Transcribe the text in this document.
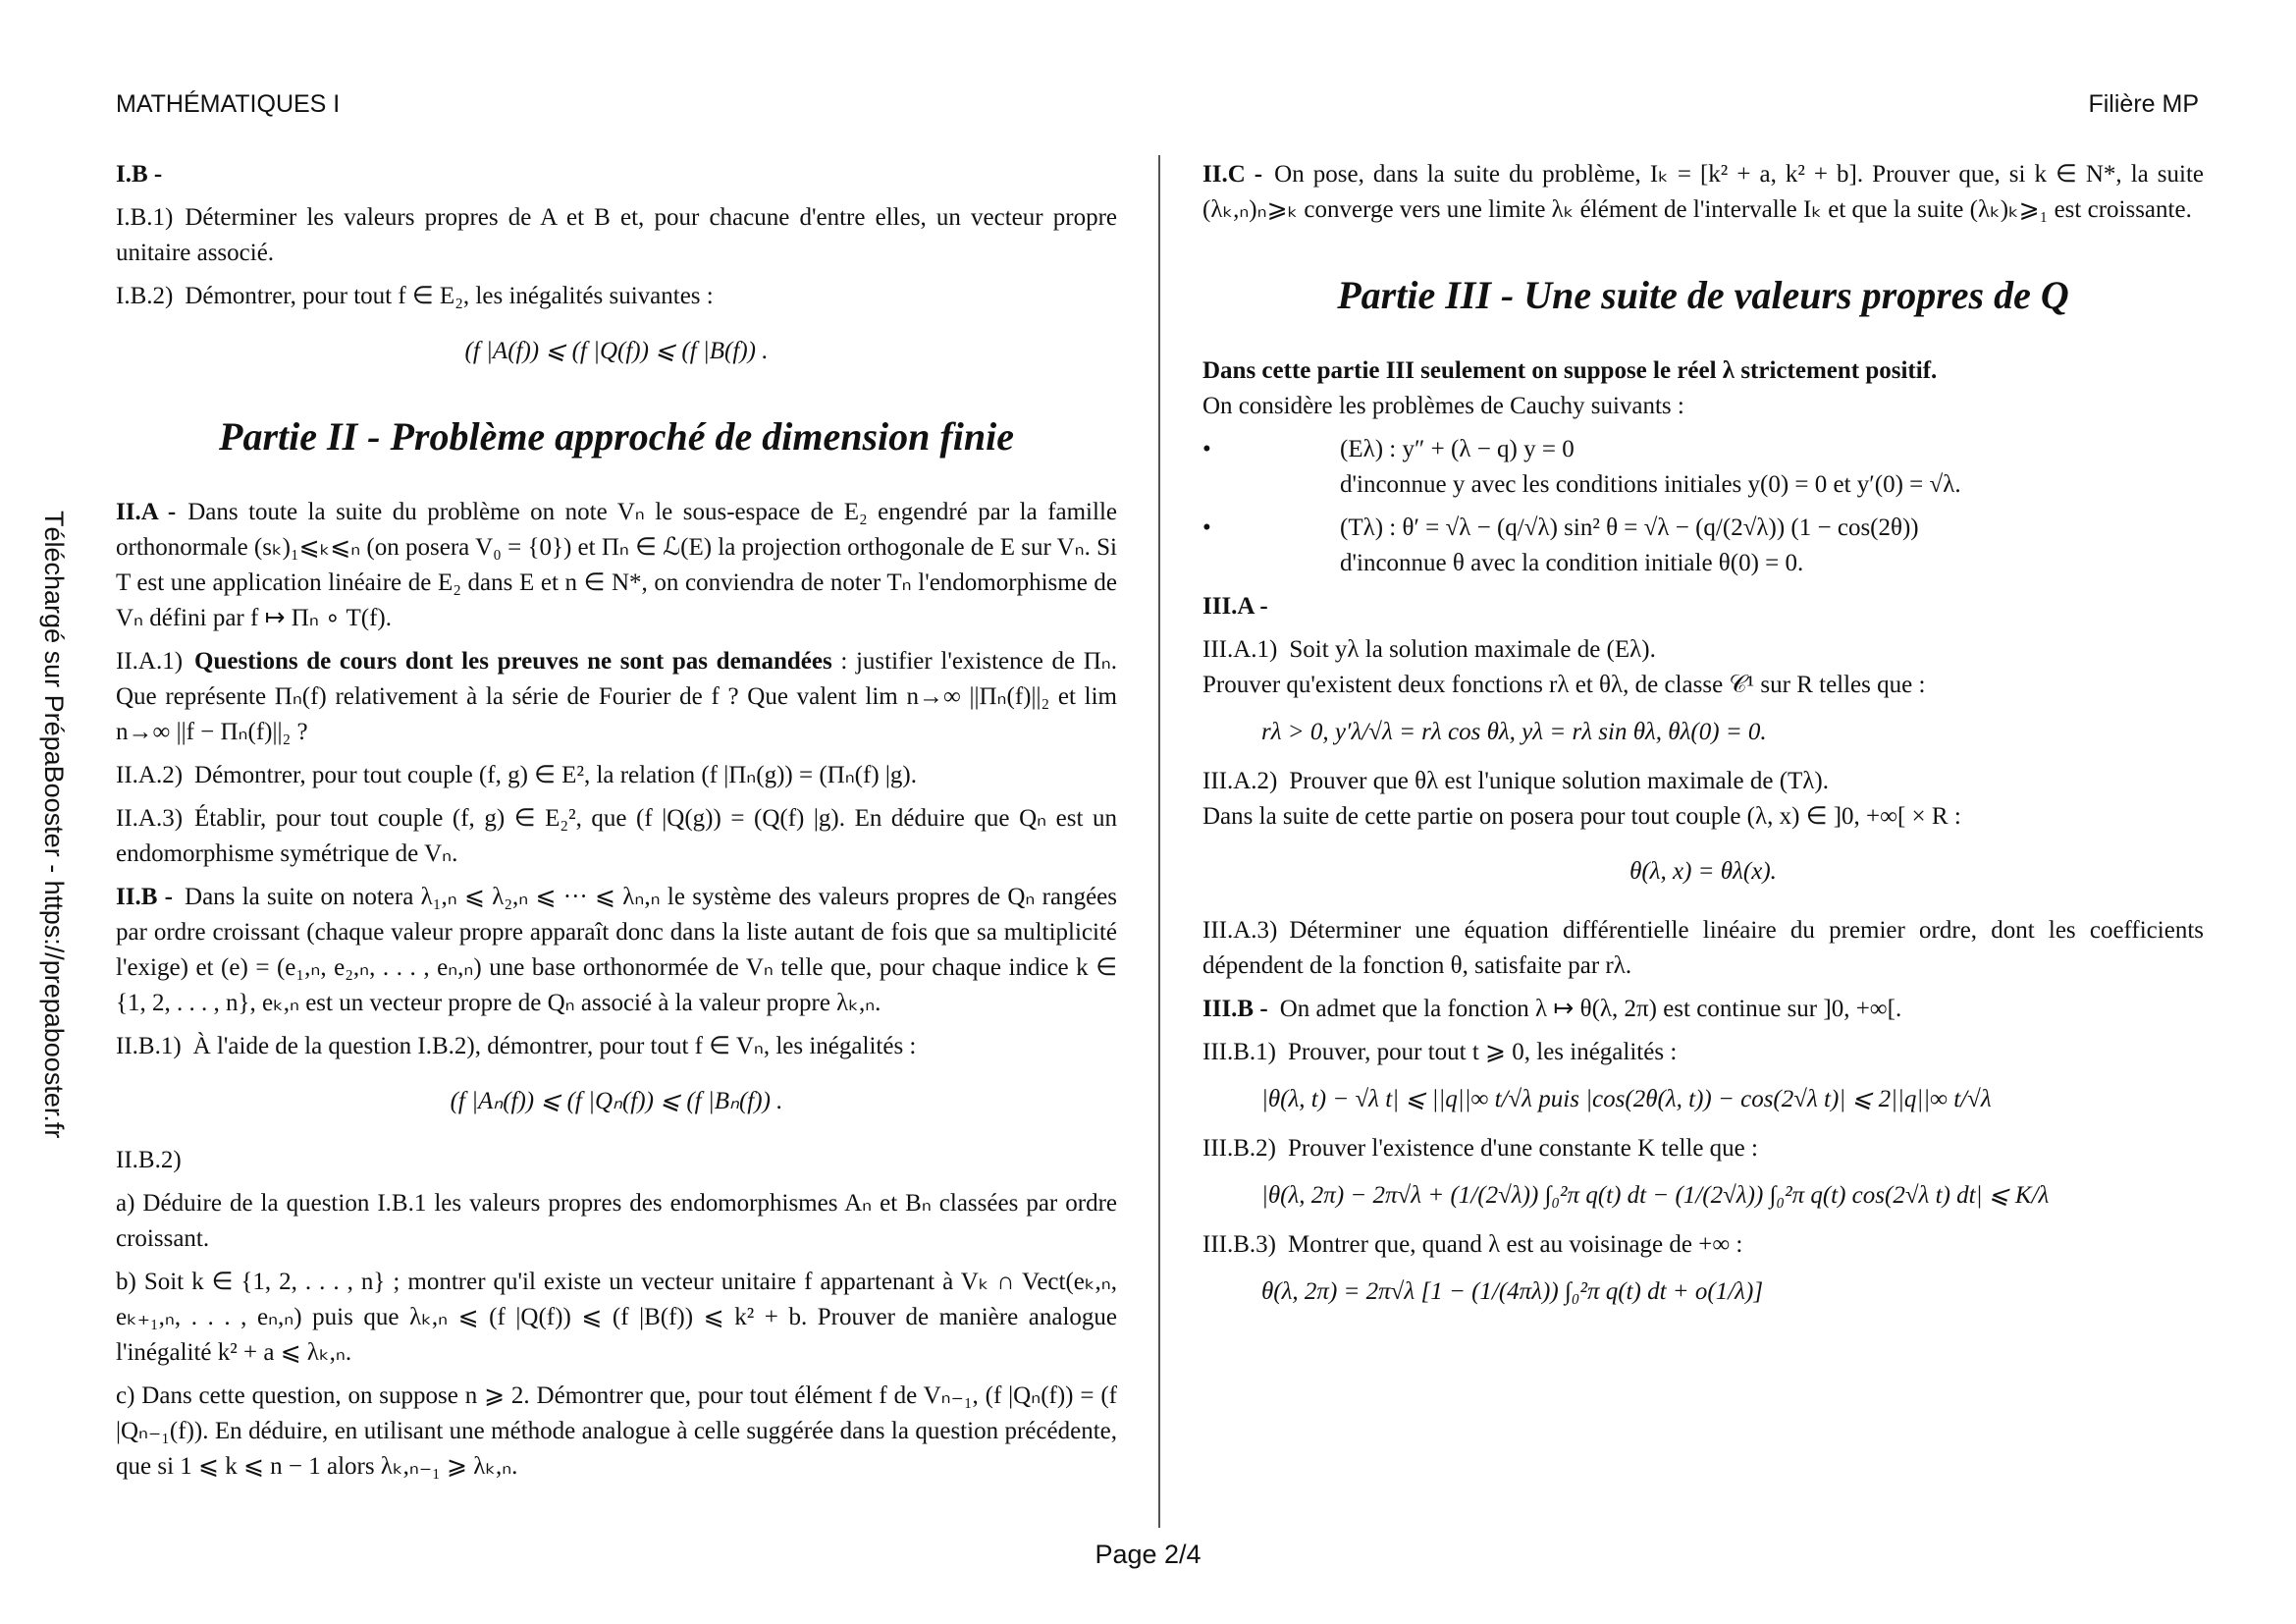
MATHÉMATIQUES I	Filière MP
Téléchargé sur PrépaBooster - https://prepabooster.fr

I.B -

I.B.1) Déterminer les valeurs propres de A et B et, pour chacune d'entre elles, un vecteur propre unitaire associé.

I.B.2) Démontrer, pour tout f ∈ E₂, les inégalités suivantes :

(f |A(f)) ⩽ (f |Q(f)) ⩽ (f |B(f)) .

Partie II - Problème approché de dimension finie

II.A - Dans toute la suite du problème on note Vₙ le sous-espace de E₂ engendré par la famille orthonormale (sₖ)₁⩽ₖ⩽ₙ (on posera V₀ = {0}) et Πₙ ∈ ℒ(E) la projection orthogonale de E sur Vₙ. Si T est une application linéaire de E₂ dans E et n ∈ N*, on conviendra de noter Tₙ l'endomorphisme de Vₙ défini par f ↦ Πₙ ∘ T(f).

II.A.1) Questions de cours dont les preuves ne sont pas demandées : justifier l'existence de Πₙ. Que représente Πₙ(f) relativement à la série de Fourier de f ? Que valent lim n→∞ ||Πₙ(f)||₂ et lim n→∞ ||f − Πₙ(f)||₂ ?

II.A.2) Démontrer, pour tout couple (f, g) ∈ E², la relation (f |Πₙ(g)) = (Πₙ(f) |g).

II.A.3) Établir, pour tout couple (f, g) ∈ E₂², que (f |Q(g)) = (Q(f) |g). En déduire que Qₙ est un endomorphisme symétrique de Vₙ.

II.B - Dans la suite on notera λ₁,ₙ ⩽ λ₂,ₙ ⩽ ··· ⩽ λₙ,ₙ le système des valeurs propres de Qₙ rangées par ordre croissant (chaque valeur propre apparaît donc dans la liste autant de fois que sa multiplicité l'exige) et (e) = (e₁,ₙ, e₂,ₙ, . . . , eₙ,ₙ) une base orthonormée de Vₙ telle que, pour chaque indice k ∈ {1, 2, . . . , n}, eₖ,ₙ est un vecteur propre de Qₙ associé à la valeur propre λₖ,ₙ.

II.B.1) À l'aide de la question I.B.2), démontrer, pour tout f ∈ Vₙ, les inégalités :

(f |Aₙ(f)) ⩽ (f |Qₙ(f)) ⩽ (f |Bₙ(f)) .

II.B.2)

a) Déduire de la question I.B.1 les valeurs propres des endomorphismes Aₙ et Bₙ classées par ordre croissant.

b) Soit k ∈ {1, 2, . . . , n} ; montrer qu'il existe un vecteur unitaire f appartenant à Vₖ ∩ Vect(eₖ,ₙ, eₖ₊₁,ₙ, . . . , eₙ,ₙ) puis que λₖ,ₙ ⩽ (f |Q(f)) ⩽ (f |B(f)) ⩽ k² + b. Prouver de manière analogue l'inégalité k² + a ⩽ λₖ,ₙ.

c) Dans cette question, on suppose n ⩾ 2. Démontrer que, pour tout élément f de Vₙ₋₁, (f |Qₙ(f)) = (f |Qₙ₋₁(f)). En déduire, en utilisant une méthode analogue à celle suggérée dans la question précédente, que si 1 ⩽ k ⩽ n − 1 alors λₖ,ₙ₋₁ ⩾ λₖ,ₙ.

II.C - On pose, dans la suite du problème, Iₖ = [k² + a, k² + b]. Prouver que, si k ∈ N*, la suite (λₖ,ₙ)ₙ⩾ₖ converge vers une limite λₖ élément de l'intervalle Iₖ et que la suite (λₖ)ₖ⩾₁ est croissante.

Partie III - Une suite de valeurs propres de Q

Dans cette partie III seulement on suppose le réel λ strictement positif.

On considère les problèmes de Cauchy suivants :

• (Eλ) : y″ + (λ − q) y = 0

d'inconnue y avec les conditions initiales y(0) = 0 et y′(0) = √λ.

• (Tλ) : θ′ = √λ − (q/√λ) sin² θ = √λ − (q/(2√λ)) (1 − cos(2θ))

d'inconnue θ avec la condition initiale θ(0) = 0.

III.A -

III.A.1) Soit yλ la solution maximale de (Eλ).

Prouver qu'existent deux fonctions rλ et θλ, de classe 𝒞¹ sur R telles que :

rλ > 0, y′λ/√λ = rλ cos θλ, yλ = rλ sin θλ, θλ(0) = 0.

III.A.2) Prouver que θλ est l'unique solution maximale de (Tλ).

Dans la suite de cette partie on posera pour tout couple (λ, x) ∈ ]0, +∞[ × R :

θ(λ, x) = θλ(x).

III.A.3) Déterminer une équation différentielle linéaire du premier ordre, dont les coefficients dépendent de la fonction θ, satisfaite par rλ.

III.B - On admet que la fonction λ ↦ θ(λ, 2π) est continue sur ]0, +∞[.

III.B.1) Prouver, pour tout t ⩾ 0, les inégalités :

|θ(λ, t) − √λ t| ⩽ ||q||∞ t/√λ puis |cos(2θ(λ, t)) − cos(2√λ t)| ⩽ 2||q||∞ t/√λ

III.B.2) Prouver l'existence d'une constante K telle que :

|θ(λ, 2π) − 2π√λ + (1/(2√λ)) ∫₀²π q(t) dt − (1/(2√λ)) ∫₀²π q(t) cos(2√λ t) dt| ⩽ K/λ

III.B.3) Montrer que, quand λ est au voisinage de +∞ :

θ(λ, 2π) = 2π√λ [1 − (1/(4πλ)) ∫₀²π q(t) dt + o(1/λ)]

Page 2/4
